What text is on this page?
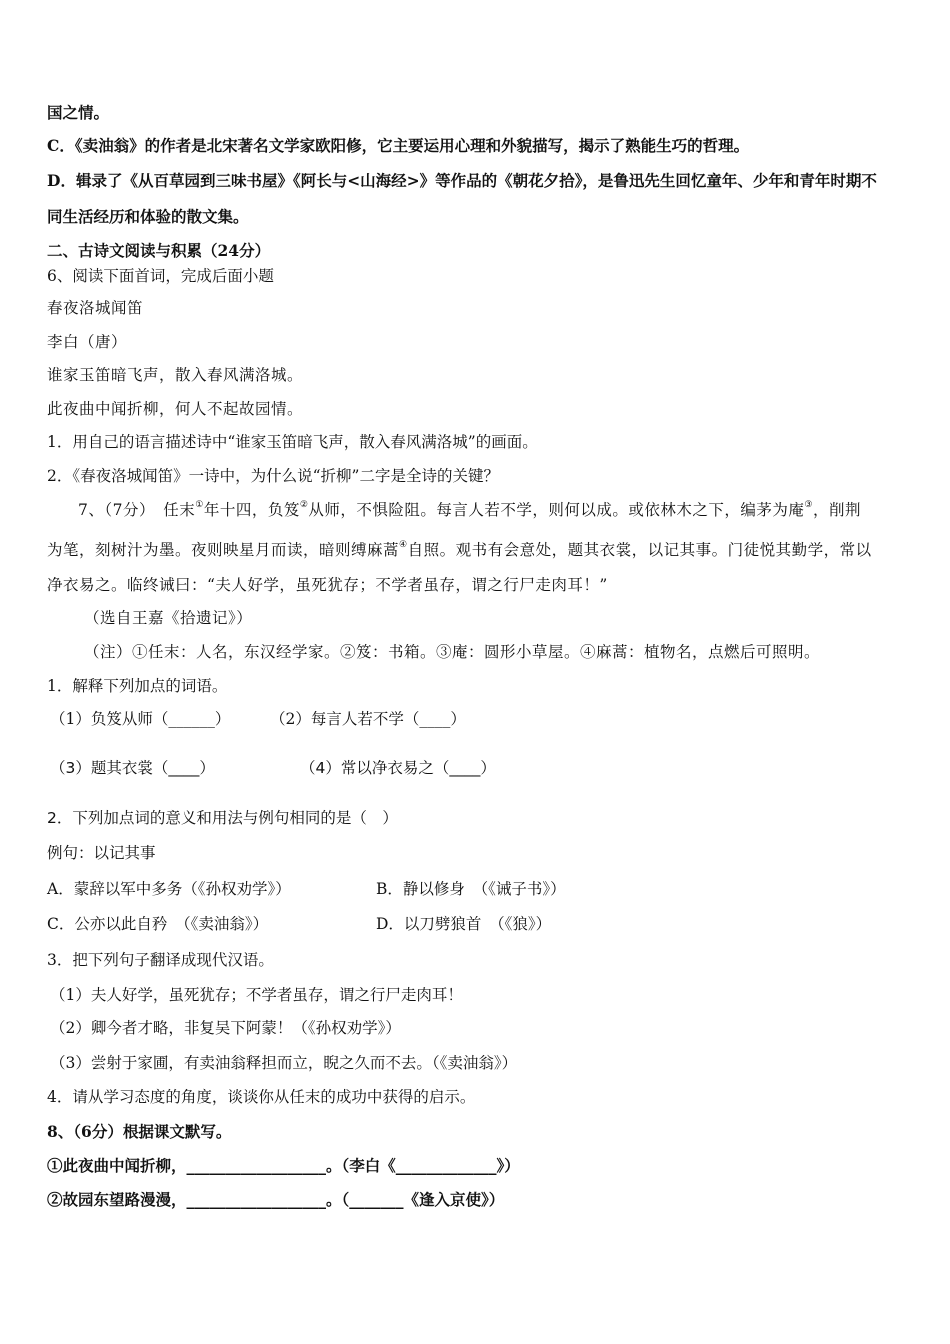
国之情。
C．《卖油翁》的作者是北宋著名文学家欧阳修，它主要运用心理和外貌描写，揭示了熟能生巧的哲理。
D．辑录了《从百草园到三味书屋》《阿长与<山海经>》等作品的《朝花夕拾》，是鲁迅先生回忆童年、少年和青年时期不
同生活经历和体验的散文集。
二、古诗文阅读与积累（24分）
6、阅读下面首词，完成后面小题
春夜洛城闻笛
李白（唐）
谁家玉笛暗飞声，散入春风满洛城。
此夜曲中闻折柳，何人不起故园情。
1．用自己的语言描述诗中“谁家玉笛暗飞声，散入春风满洛城”的画面。
2．《春夜洛城闻笛》一诗中，为什么说“折柳”二字是全诗的关键？
7、（7分）　任末①年十四，负笈②从师，不惧险阻。每言人若不学，则何以成。或依林木之下，编茅为庵③，削荆
为笔，刻树汁为墨。夜则映星月而读，暗则缚麻蒿④自照。观书有会意处，题其衣裳，以记其事。门徒悦其勤学，常以
净衣易之。临终诫曰：“夫人好学，虽死犹存；不学者虽存，谓之行尸走肉耳！”
（选自王嘉《拾遗记》）
（注）①任末：人名，东汉经学家。②笈：书箱。③庵：圆形小草屋。④麻蒿：植物名，点燃后可照明。
1．解释下列加点的词语。
（1）负笈从师（______）	（2）每言人若不学（____）
（3）题其衣裳（____）	（4）常以净衣易之（____）
2．下列加点词的意义和用法与例句相同的是（　）
例句：以记其事
A．蒙辞以军中多务（《孙权劝学》）	B．静以修身　（《诫子书》）
C．公亦以此自矜　（《卖油翁》）	D．以刀劈狼首　（《狼》）
3．把下列句子翻译成现代汉语。
（1）夫人好学，虽死犹存；不学者虽存，谓之行尸走肉耳！
（2）卿今者才略，非复吴下阿蒙！（《孙权劝学》）
（3）尝射于家圃，有卖油翁释担而立，睨之久而不去。（《卖油翁》）
4．请从学习态度的角度，谈谈你从任末的成功中获得的启示。
8、（6分）根据课文默写。
①此夜曲中闻折柳，__________________。（李白《_____________》）
②故园东望路漫漫，__________________。（_______《逢入京使》）
